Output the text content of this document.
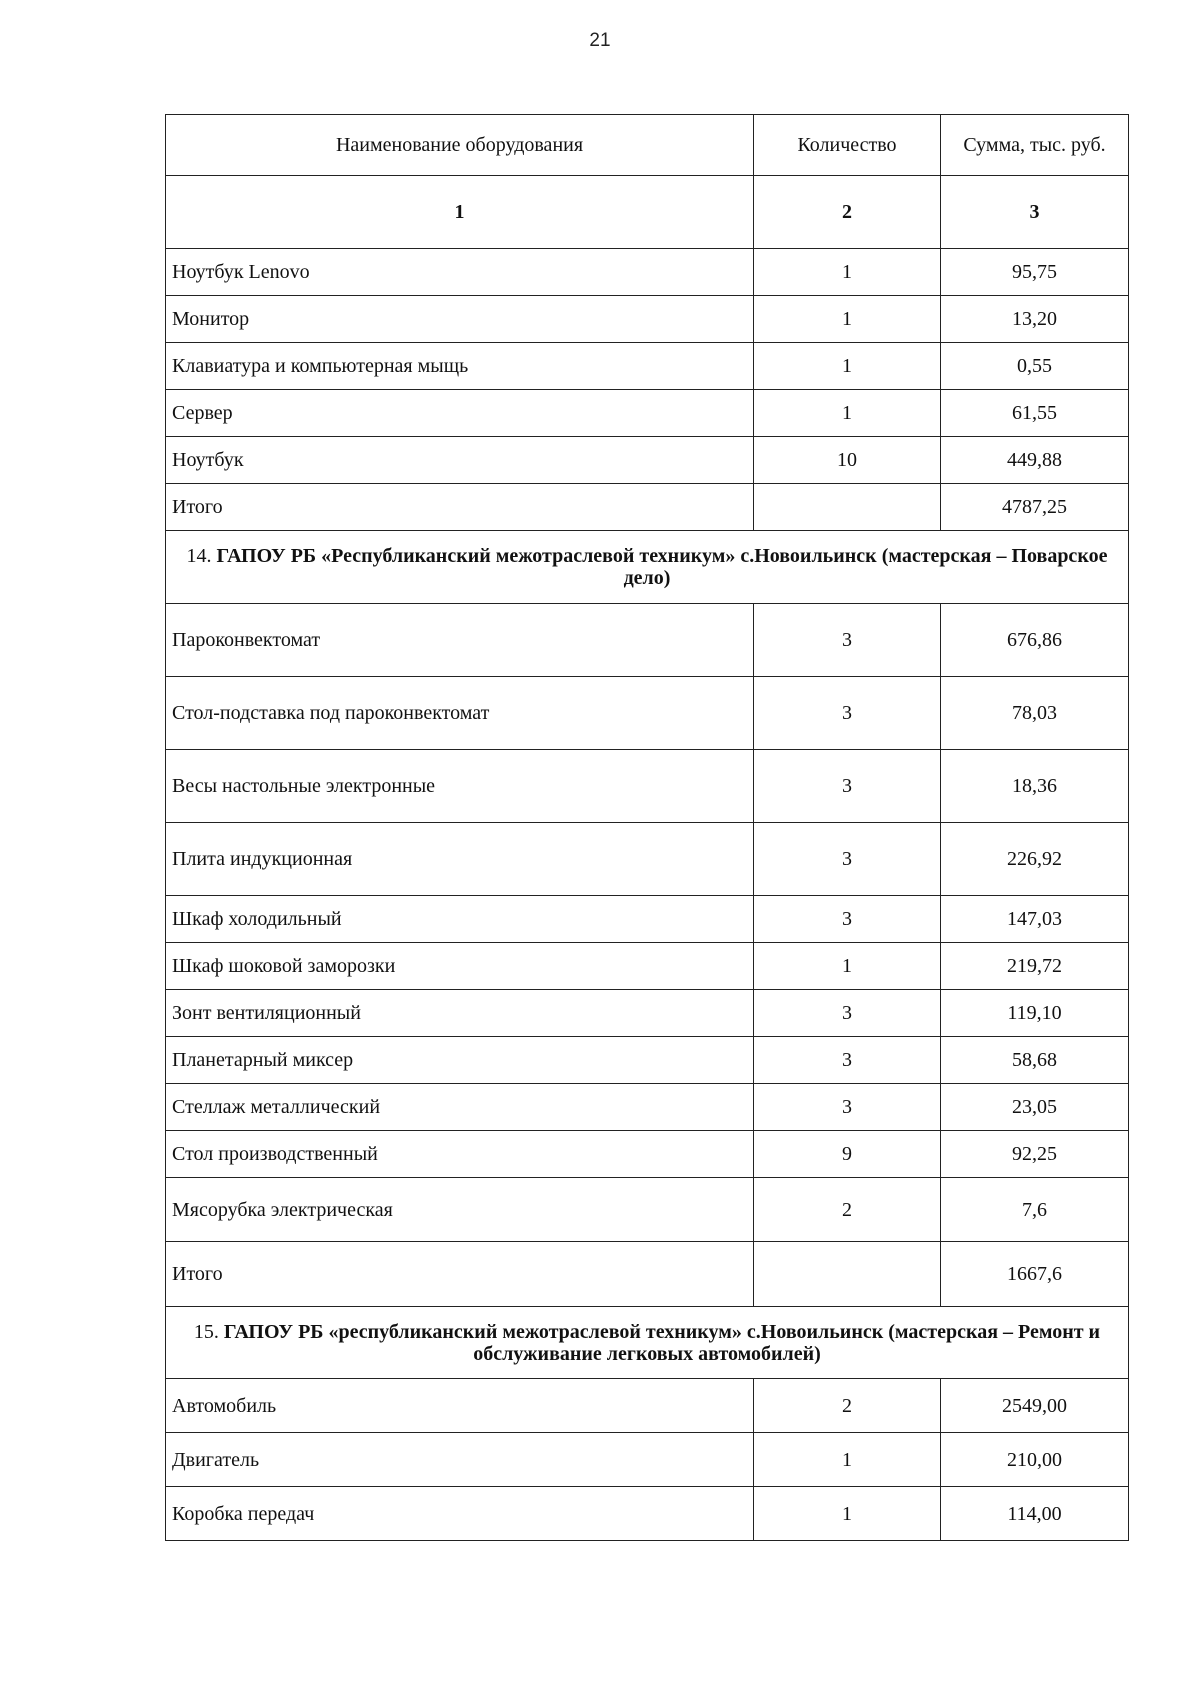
21
Наименование оборудования	Количество	Сумма, тыс. руб.
1	2	3
Ноутбук Lenovo	1	95,75
Монитор	1	13,20
Клавиатура и компьютерная мыщь	1	0,55
Сервер	1	61,55
Ноутбук	10	449,88
Итого		4787,25
14. ГАПОУ РБ «Республиканский межотраслевой техникум» с.Новоильинск (мастерская – Поварское дело)		
Пароконвектомат	3	676,86
Стол-подставка под пароконвектомат	3	78,03
Весы настольные электронные	3	18,36
Плита индукционная	3	226,92
Шкаф холодильный	3	147,03
Шкаф шоковой заморозки	1	219,72
Зонт вентиляционный	3	119,10
Планетарный миксер	3	58,68
Стеллаж металлический	3	23,05
Стол производственный	9	92,25
Мясорубка электрическая	2	7,6
Итого		1667,6
15. ГАПОУ РБ «республиканский межотраслевой техникум» с.Новоильинск (мастерская – Ремонт и обслуживание легковых автомобилей)		
Автомобиль	2	2549,00
Двигатель	1	210,00
Коробка передач	1	114,00
